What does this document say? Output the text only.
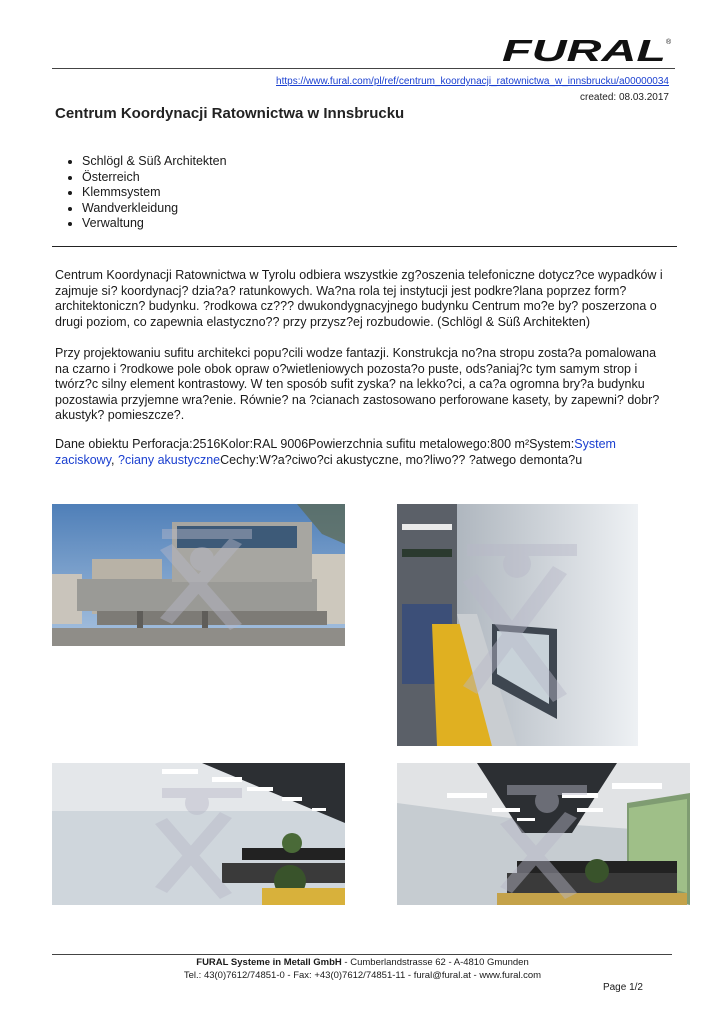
FURAL ®
https://www.fural.com/pl/ref/centrum_koordynacji_ratownictwa_w_innsbrucku/a00000034
created: 08.03.2017
Centrum Koordynacji Ratownictwa w Innsbrucku
• Schlögl & Süß Architekten
• Österreich
• Klemmsystem
• Wandverkleidung
• Verwaltung

Centrum Koordynacji Ratownictwa w Tyrolu odbiera wszystkie zg?oszenia telefoniczne dotycz?ce wypadków i zajmuje si? koordynacj? dzia?a? ratunkowych. Wa?na rola tej instytucji jest podkre?lana poprzez form? architektoniczn? budynku. ?rodkowa cz??? dwukondygnacyjnego budynku Centrum mo?e by? poszerzona o drugi poziom, co zapewnia elastyczno?? przy przysz?ej rozbudowie. (Schlögl & Süß Architekten)

Przy projektowaniu sufitu architekci popu?cili wodze fantazji. Konstrukcja no?na stropu zosta?a pomalowana na czarno i ?rodkowe pole obok opraw o?wietleniowych pozosta?o puste, ods?aniaj?c tym samym strop i twórz?c silny element kontrastowy. W ten sposób sufit zyska? na lekko?ci, a ca?a ogromna bry?a budynku pozostawia przyjemne wra?enie. Równie? na ?cianach zastosowano perforowane kasety, by zapewni? dobr? akustyk? pomieszcze?.

Dane obiektu Perforacja:2516Kolor:RAL 9006Powierzchnia sufitu metalowego:800 m²System:System zaciskowy, ?ciany akustyczneCechy:W?a?ciwo?ci akustyczne, mo?liwo?? ?atwego demonta?u

FURAL Systeme in Metall GmbH - Cumberlandstrasse 62 - A-4810 Gmunden
Tel.: 43(0)7612/74851-0 - Fax: +43(0)7612/74851-11 - fural@fural.at - www.fural.com
Page 1/2
